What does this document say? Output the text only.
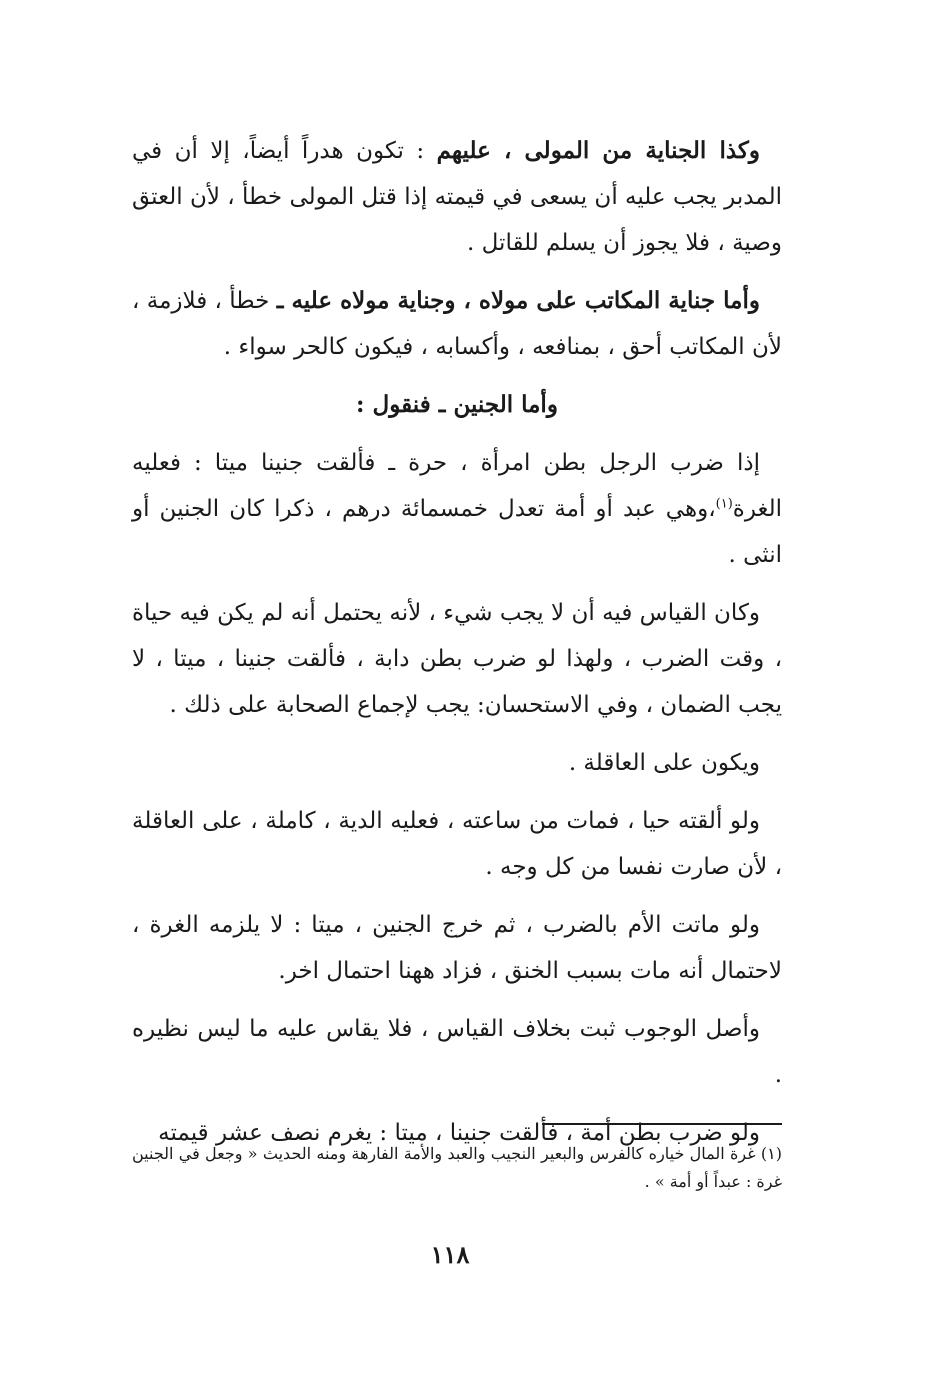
وكذا الجناية من المولى ، عليهم : تكون هدراً أيضاً، إلا أن في المدبر يجب عليه أن يسعى في قيمته إذا قتل المولى خطأ ، لأن العتق وصية ، فلا يجوز أن يسلم للقاتل .

وأما جناية المكاتب على مولاه ، وجناية مولاه عليه ـ خطأ ، فلازمة ، لأن المكاتب أحق ، بمنافعه ، وأكسابه ، فيكون كالحر سواء .

وأما الجنين ـ فنقول :

إذا ضرب الرجل بطن امرأة ، حرة ـ فألقت جنينا ميتا : فعليه الغرة$^{(١)}$،وهي عبد أو أمة تعدل خمسمائة درهم ، ذكرا كان الجنين أو انثى .

وكان القياس فيه أن لا يجب شيء ، لأنه يحتمل أنه لم يكن فيه حياة ، وقت الضرب ، ولهذا لو ضرب بطن دابة ، فألقت جنينا ، ميتا ، لا يجب الضمان ، وفي الاستحسان: يجب لإجماع الصحابة على ذلك .

ويكون على العاقلة .

ولو ألقته حيا ، فمات من ساعته ، فعليه الدية ، كاملة ، على العاقلة ، لأن صارت نفسا من كل وجه .

ولو ماتت الأم بالضرب ، ثم خرج الجنين ، ميتا : لا يلزمه الغرة ، لاحتمال أنه مات بسبب الخنق ، فزاد ههنا احتمال اخر.

وأصل الوجوب ثبت بخلاف القياس ، فلا يقاس عليه ما ليس نظيره .

ولو ضرب بطن أمة ، فألقت جنينا ، ميتا : يغرم نصف عشر قيمته

(١) غرة المال خياره كالفرس والبعير النجيب والعبد والأمة الفارهة ومنه الحديث « وجعل في الجنين غرة : عبداً أو أمة » .
١١٨
